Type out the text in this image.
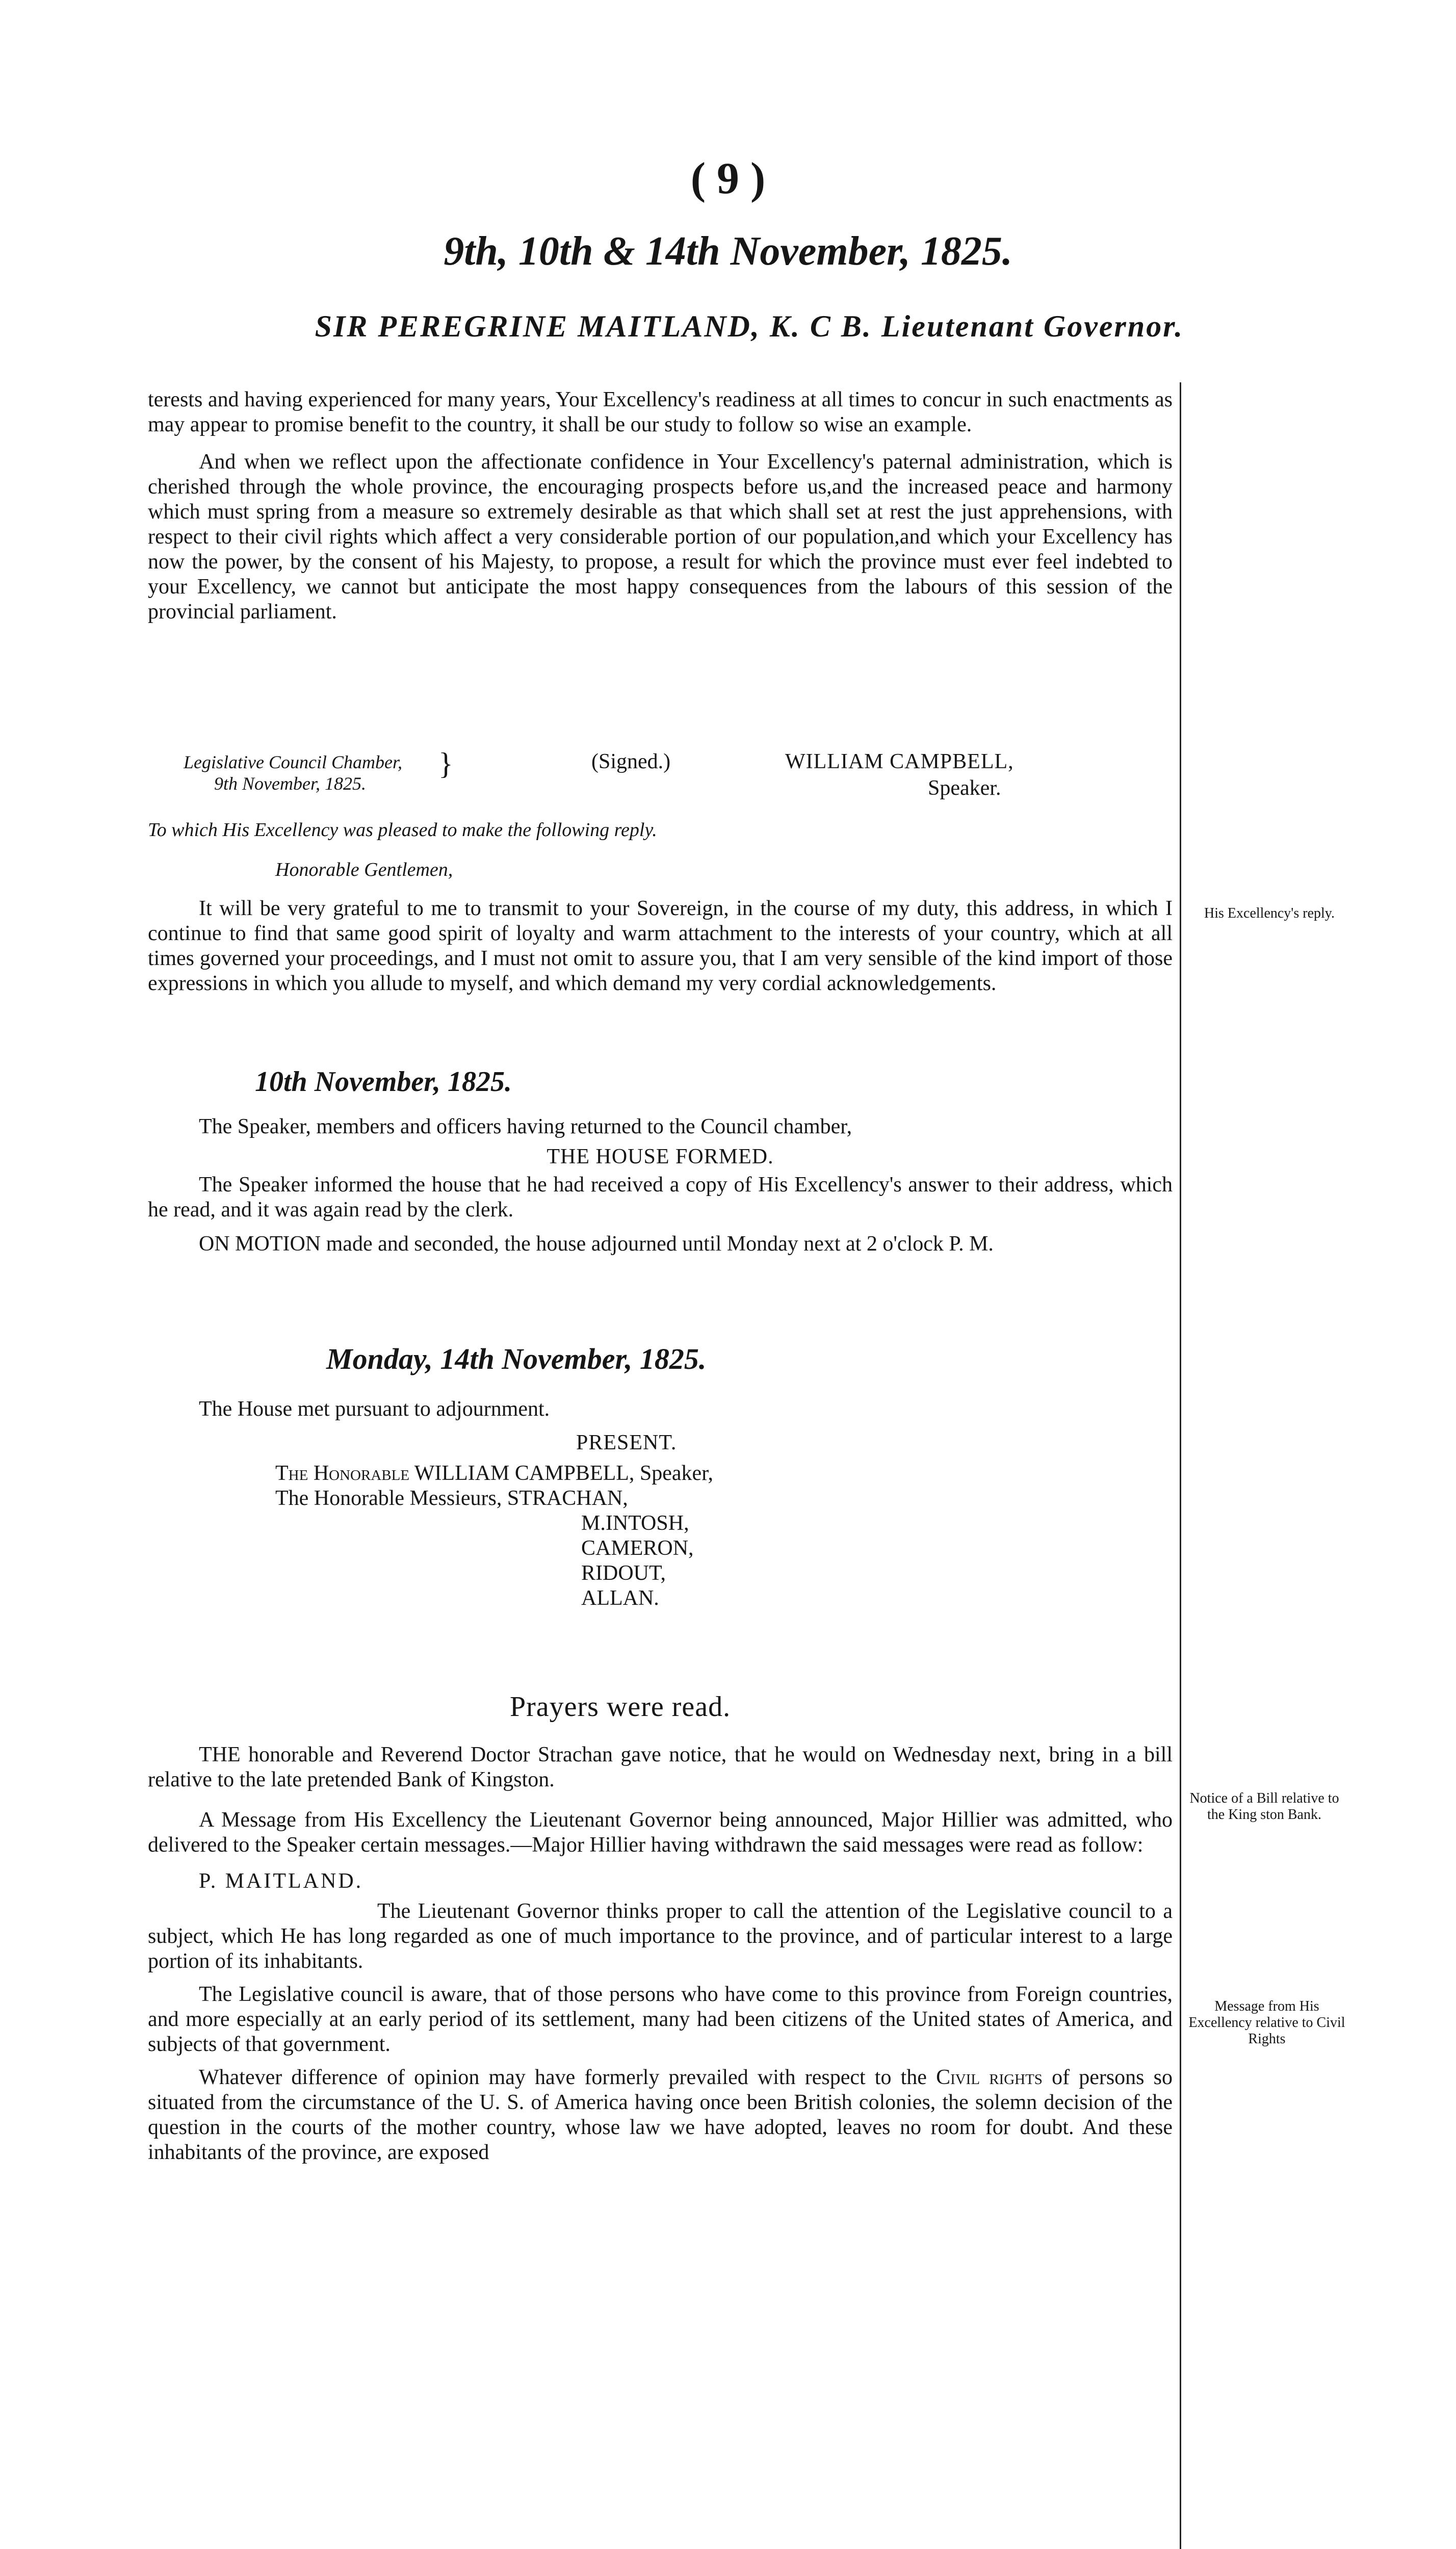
( 9 )
9th, 10th & 14th November, 1825.
SIR PEREGRINE MAITLAND, K. C B. Lieutenant Governor.

terests and having experienced for many years, Your Excellency's readiness at all times to concur in such enactments as may appear to promise benefit to the country, it shall be our study to follow so wise an example.

And when we reflect upon the affectionate confidence in Your Excellency's paternal administration, which is cherished through the whole province, the encouraging prospects before us,and the increased peace and harmony which must spring from a measure so extremely desirable as that which shall set at rest the just apprehensions, with respect to their civil rights which affect a very considerable portion of our population,and which your Excellency has now the power, by the consent of his Majesty, to propose, a result for which the province must ever feel indebted to your Excellency, we cannot but anticipate the most happy consequences from the labours of this session of the provincial parliament.

Legislative Council Chamber,
9th November, 1825.
}	(Signed.)	WILLIAM CAMPBELL,
Speaker.
To which His Excellency was pleased to make the following reply.
Honorable Gentlemen,

It will be very grateful to me to transmit to your Sovereign, in the course of my duty, this address, in which I continue to find that same good spirit of loyalty and warm attachment to the interests of your country, which at all times governed your proceedings, and I must not omit to assure you, that I am very sensible of the kind import of those expressions in which you allude to myself, and which demand my very cordial acknowledgements.

10th November, 1825.

The Speaker, members and officers having returned to the Council chamber,

THE HOUSE FORMED.

The Speaker informed the house that he had received a copy of His Excellency's answer to their address, which he read, and it was again read by the clerk.

ON MOTION made and seconded, the house adjourned until Monday next at 2 o'clock P. M.

Monday, 14th November, 1825.
The House met pursuant to adjournment.
PRESENT.
The Honorable WILLIAM CAMPBELL, Speaker,
The Honorable Messieurs, STRACHAN,
M.INTOSH,
CAMERON,
RIDOUT,
ALLAN.
Prayers were read.

THE honorable and Reverend Doctor Strachan gave notice, that he would on Wednesday next, bring in a bill relative to the late pretended Bank of Kingston.

A Message from His Excellency the Lieutenant Governor being announced, Major Hillier was admitted, who delivered to the Speaker certain messages.—Major Hillier having withdrawn the said messages were read as follow:

P. MAITLAND.

The Lieutenant Governor thinks proper to call the attention of the Legislative council to a subject, which He has long regarded as one of much importance to the province, and of particular interest to a large portion of its inhabitants.

The Legislative council is aware, that of those persons who have come to this province from Foreign countries, and more especially at an early period of its settlement, many had been citizens of the United states of America, and subjects of that government.

Whatever difference of opinion may have formerly prevailed with respect to the Civil rights of persons so situated from the circumstance of the U. S. of America having once been British colonies, the solemn decision of the question in the courts of the mother country, whose law we have adopted, leaves no room for doubt. And these inhabitants of the province, are exposed

His Excellency's reply.
Notice of a Bill relative to the King ston Bank.
Message from His Excellency relative to Civil Rights
